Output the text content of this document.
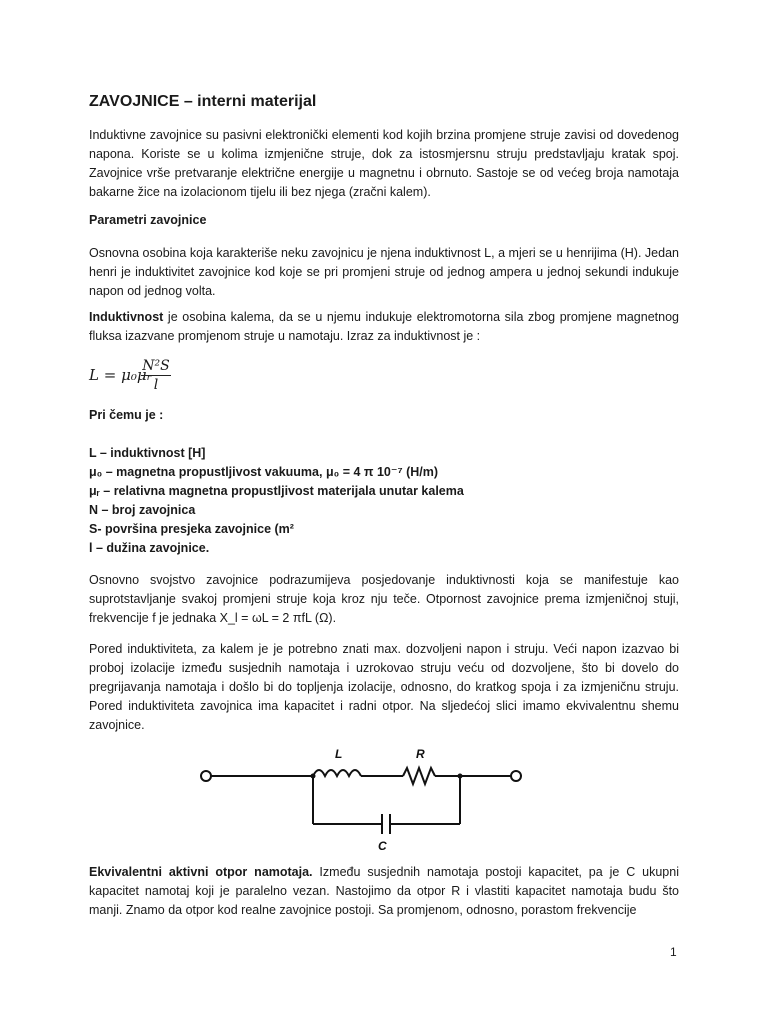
ZAVOJNICE – interni materijal

Induktivne zavojnice su pasivni elektronički elementi kod kojih brzina promjene struje zavisi od dovedenog napona. Koriste se u kolima izmjenične struje, dok za istosmjersnu struju predstavljaju kratak spoj. Zavojnice vrše pretvaranje električne energije u magnetnu i obrnuto. Sastoje se od većeg broja namotaja bakarne žice na izolacionom tijelu ili bez njega (zračni kalem).

Parametri zavojnice

Osnovna osobina koja karakteriše neku zavojnicu je njena induktivnost L, a mjeri se u henrijima (H). Jedan henri je induktivitet zavojnice kod koje se pri promjeni struje od jednog ampera u jednoj sekundi indukuje napon od jednog volta.

Induktivnost je osobina kalema, da se u njemu indukuje elektromotorna sila zbog promjene magnetnog fluksa izazvane promjenom struje u namotaju. Izraz za induktivnost je :

L = μ₀μᵣ
$\frac{\text{N²S}}{l}$
Pri čemu je :
L – induktivnost [H]
μ₀ – magnetna propustljivost vakuuma, μ₀ = 4 π 10⁻⁷ (H/m)
μᵣ – relativna magnetna propustljivost materijala unutar kalema
N – broj zavojnica
S- površina presjeka zavojnice (m²
l – dužina zavojnice.

Osnovno svojstvo zavojnice podrazumijeva posjedovanje induktivnosti koja se manifestuje kao suprotstavljanje svakoj promjeni struje koja kroz nju teče. Otpornost zavojnice prema izmjeničnoj stuji, frekvencije f je jednaka X_l = ωL = 2 πfL (Ω).

Pored induktiviteta, za kalem je je potrebno znati max. dozvoljeni napon i struju. Veći napon izazvao bi proboj izolacije između susjednih namotaja i uzrokovao struju veću od dozvoljene, što bi dovelo do pregrijavanja namotaja i došlo bi do topljenja izolacije, odnosno, do kratkog spoja i za izmjeničnu struju. Pored induktiviteta zavojnica ima kapacitet i radni otpor. Na sljedećoj slici imamo ekvivalentnu shemu zavojnice.

Ekvivalentni aktivni otpor namotaja. Između susjednih namotaja postoji kapacitet, pa je C ukupni kapacitet namotaj koji je paralelno vezan. Nastojimo da otpor R i vlastiti kapacitet namotaja budu što manji. Znamo da otpor kod realne zavojnice postoji. Sa promjenom, odnosno, porastom frekvencije

L	R
C
1
